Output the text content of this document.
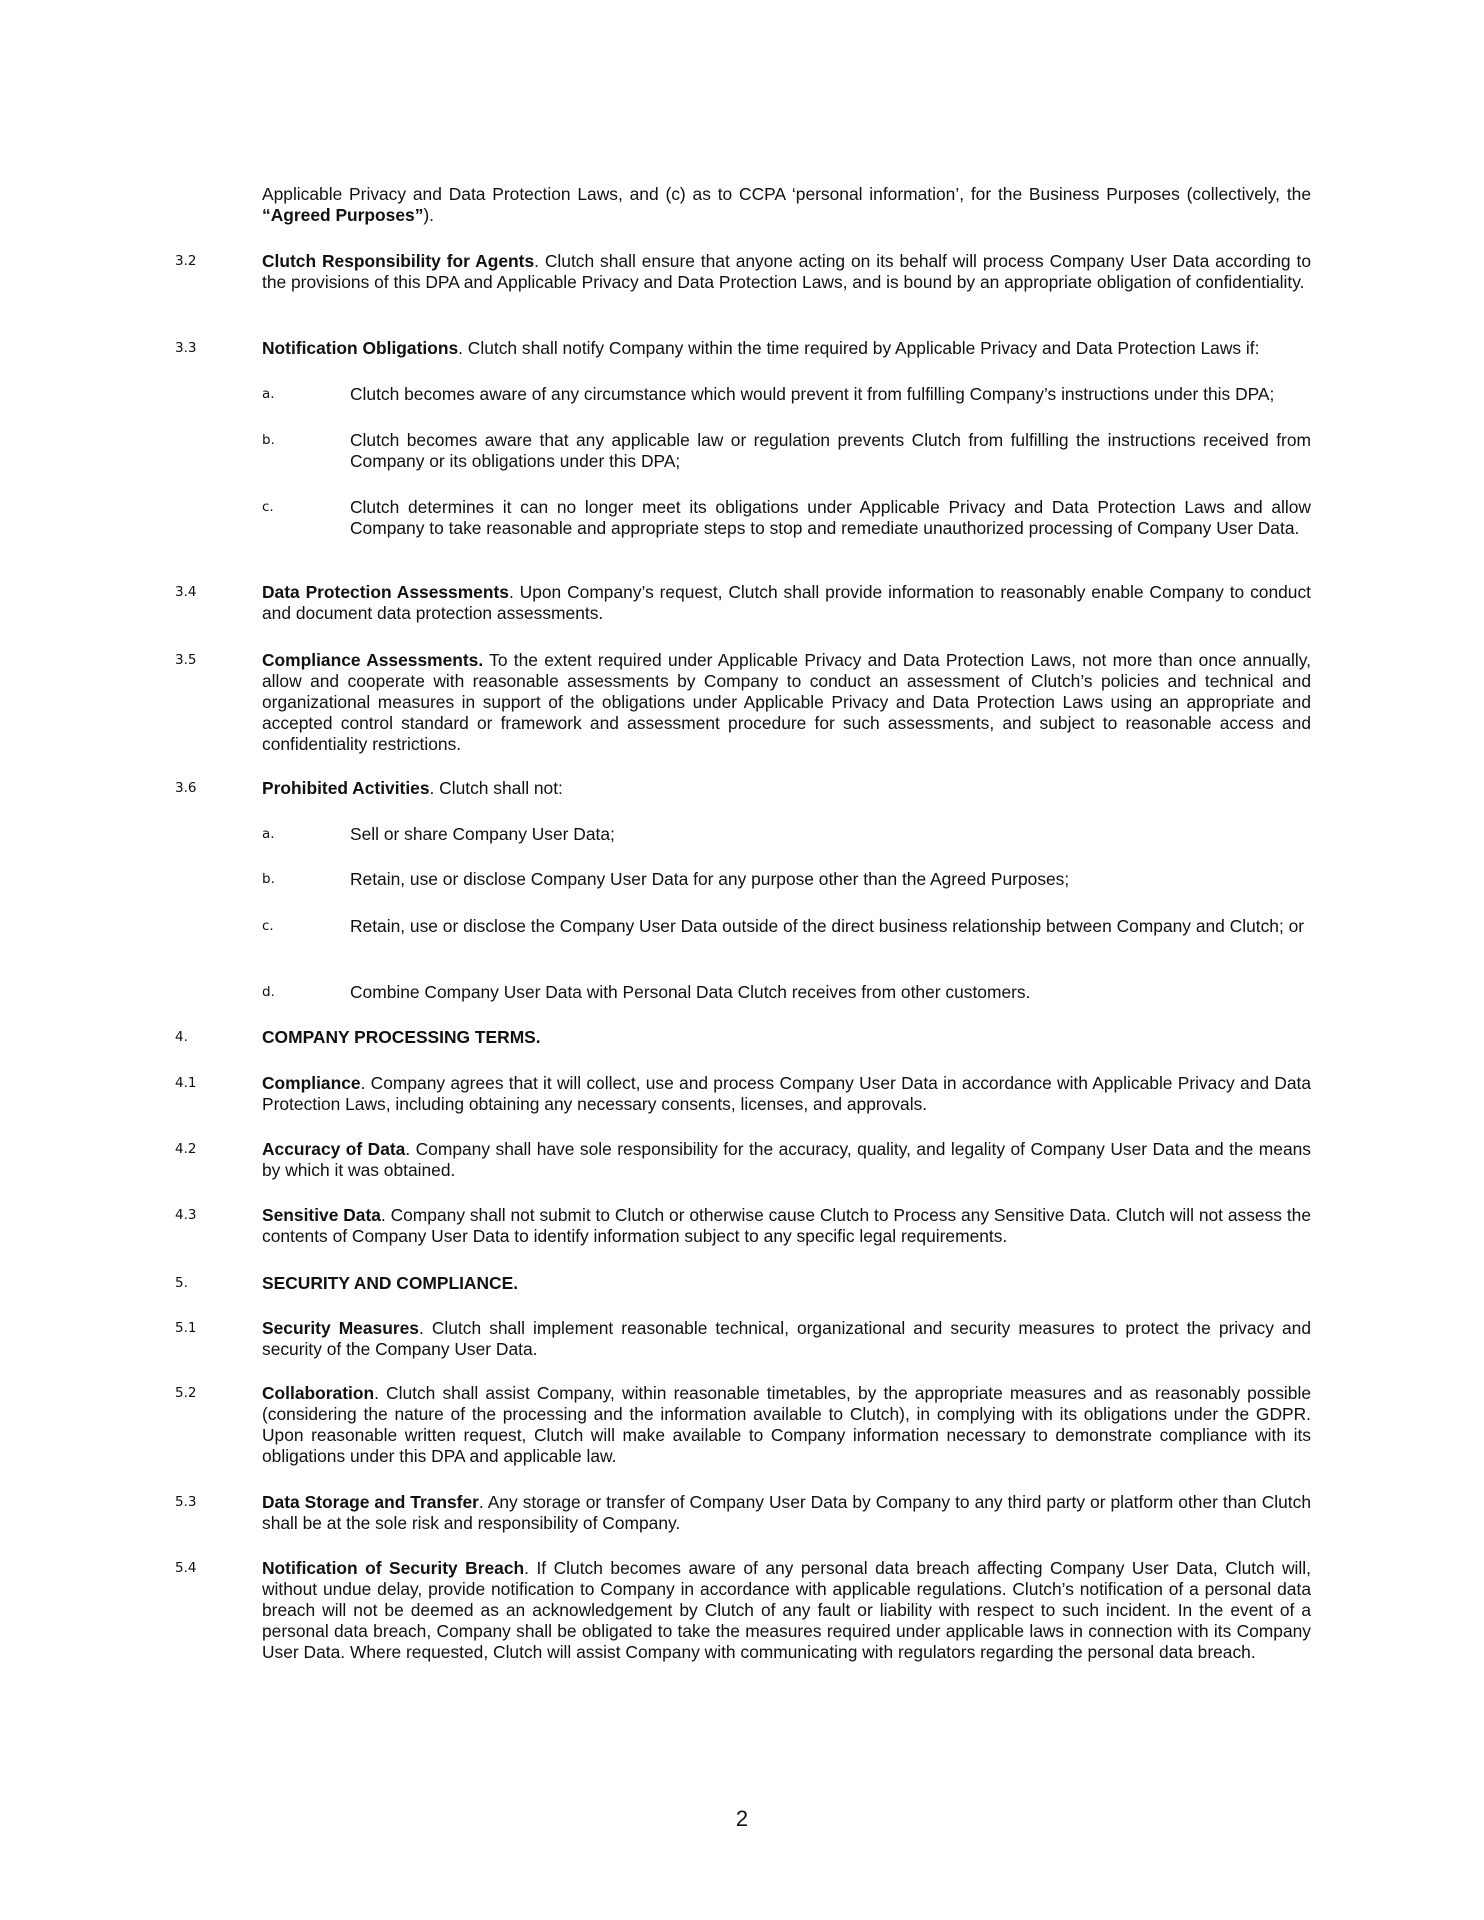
Applicable Privacy and Data Protection Laws, and (c) as to CCPA ‘personal information’, for the Business Purposes (collectively, the “Agreed Purposes”).
3.2	Clutch Responsibility for Agents. Clutch shall ensure that anyone acting on its behalf will process Company User Data according to the provisions of this DPA and Applicable Privacy and Data Protection Laws, and is bound by an appropriate obligation of confidentiality.
3.3	Notification Obligations. Clutch shall notify Company within the time required by Applicable Privacy and Data Protection Laws if:
a.	Clutch becomes aware of any circumstance which would prevent it from fulfilling Company’s instructions under this DPA;
b.	Clutch becomes aware that any applicable law or regulation prevents Clutch from fulfilling the instructions received from Company or its obligations under this DPA;
c.	Clutch determines it can no longer meet its obligations under Applicable Privacy and Data Protection Laws and allow Company to take reasonable and appropriate steps to stop and remediate unauthorized processing of Company User Data.
3.4	Data Protection Assessments. Upon Company’s request, Clutch shall provide information to reasonably enable Company to conduct and document data protection assessments.
3.5	Compliance Assessments. To the extent required under Applicable Privacy and Data Protection Laws, not more than once annually, allow and cooperate with reasonable assessments by Company to conduct an assessment of Clutch’s policies and technical and organizational measures in support of the obligations under Applicable Privacy and Data Protection Laws using an appropriate and accepted control standard or framework and assessment procedure for such assessments, and subject to reasonable access and confidentiality restrictions.
3.6	Prohibited Activities. Clutch shall not:
a.	Sell or share Company User Data;
b.	Retain, use or disclose Company User Data for any purpose other than the Agreed Purposes;
c.	Retain, use or disclose the Company User Data outside of the direct business relationship between Company and Clutch; or
d.	Combine Company User Data with Personal Data Clutch receives from other customers.
4.	COMPANY PROCESSING TERMS.
4.1	Compliance. Company agrees that it will collect, use and process Company User Data in accordance with Applicable Privacy and Data Protection Laws, including obtaining any necessary consents, licenses, and approvals.
4.2	Accuracy of Data. Company shall have sole responsibility for the accuracy, quality, and legality of Company User Data and the means by which it was obtained.
4.3	Sensitive Data. Company shall not submit to Clutch or otherwise cause Clutch to Process any Sensitive Data. Clutch will not assess the contents of Company User Data to identify information subject to any specific legal requirements.
5.	SECURITY AND COMPLIANCE.
5.1	Security Measures. Clutch shall implement reasonable technical, organizational and security measures to protect the privacy and security of the Company User Data.
5.2	Collaboration. Clutch shall assist Company, within reasonable timetables, by the appropriate measures and as reasonably possible (considering the nature of the processing and the information available to Clutch), in complying with its obligations under the GDPR. Upon reasonable written request, Clutch will make available to Company information necessary to demonstrate compliance with its obligations under this DPA and applicable law.
5.3	Data Storage and Transfer. Any storage or transfer of Company User Data by Company to any third party or platform other than Clutch shall be at the sole risk and responsibility of Company.
5.4	Notification of Security Breach. If Clutch becomes aware of any personal data breach affecting Company User Data, Clutch will, without undue delay, provide notification to Company in accordance with applicable regulations. Clutch’s notification of a personal data breach will not be deemed as an acknowledgement by Clutch of any fault or liability with respect to such incident. In the event of a personal data breach, Company shall be obligated to take the measures required under applicable laws in connection with its Company User Data. Where requested, Clutch will assist Company with communicating with regulators regarding the personal data breach.
2
